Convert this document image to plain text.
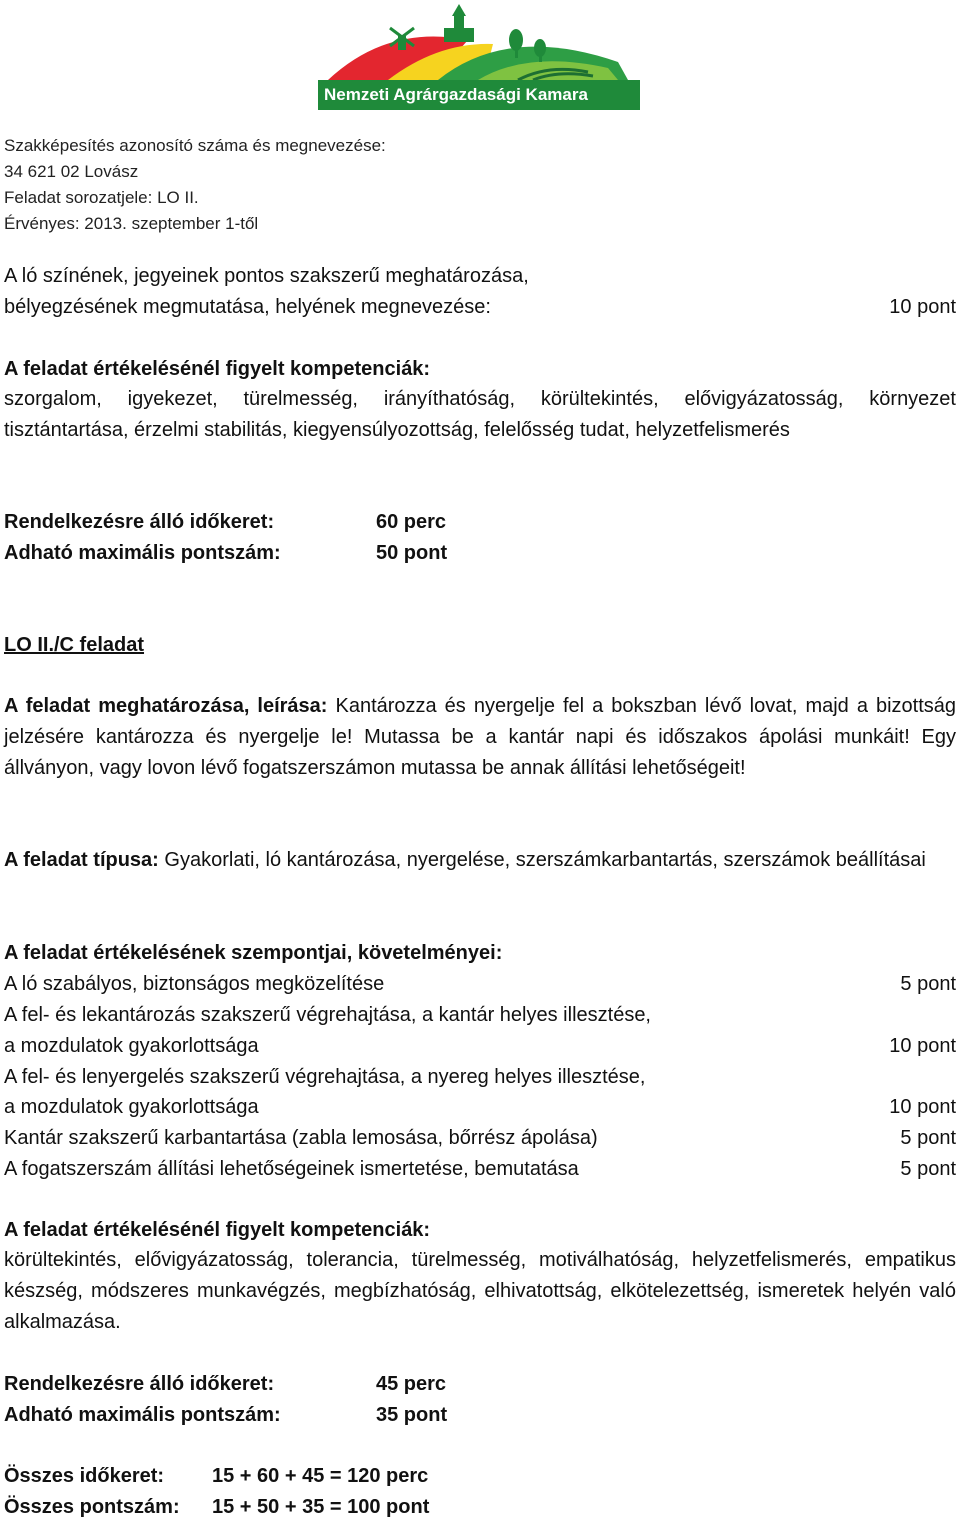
Nemzeti Agrárgazdasági Kamara
Szakképesítés azonosító száma és megnevezése:
34 621 02 Lovász
Feladat sorozatjele: LO II.
Érvényes: 2013. szeptember 1-től
A ló színének, jegyeinek pontos szakszerű meghatározása,
bélyegzésének megmutatása, helyének megnevezése:	10 pont
A feladat értékelésénél figyelt kompetenciák:
szorgalom, igyekezet, türelmesség, irányíthatóság, körültekintés, elővigyázatosság, környezet tisztántartása, érzelmi stabilitás, kiegyensúlyozottság, felelősség tudat, helyzetfelismerés
Rendelkezésre álló időkeret:	60 perc
Adható maximális pontszám:	50 pont
LO II./C feladat
A feladat meghatározása, leírása: Kantározza és nyergelje fel a bokszban lévő lovat, majd a bizottság jelzésére kantározza és nyergelje le! Mutassa be a kantár napi és időszakos ápolási munkáit! Egy állványon, vagy lovon lévő fogatszerszámon mutassa be annak állítási lehetőségeit!
A feladat típusa: Gyakorlati, ló kantározása, nyergelése, szerszámkarbantartás, szerszámok beállításai
A feladat értékelésének szempontjai, követelményei:
A ló szabályos, biztonságos megközelítése	5 pont
A fel- és lekantározás szakszerű végrehajtása, a kantár helyes illesztése,
a mozdulatok gyakorlottsága	10 pont
A fel- és lenyergelés szakszerű végrehajtása, a nyereg helyes illesztése,
a mozdulatok gyakorlottsága	10 pont
Kantár szakszerű karbantartása (zabla lemosása, bőrrész ápolása)	5 pont
A fogatszerszám állítási lehetőségeinek ismertetése, bemutatása	5 pont
A feladat értékelésénél figyelt kompetenciák:
körültekintés, elővigyázatosság, tolerancia, türelmesség, motiválhatóság, helyzetfelismerés, empatikus készség, módszeres munkavégzés, megbízhatóság, elhivatottság, elkötelezettség, ismeretek helyén való alkalmazása.
Rendelkezésre álló időkeret:	45 perc
Adható maximális pontszám:	35 pont
Összes időkeret: 15 + 60 + 45 = 120 perc
Összes pontszám: 15 + 50 + 35 = 100 pont
